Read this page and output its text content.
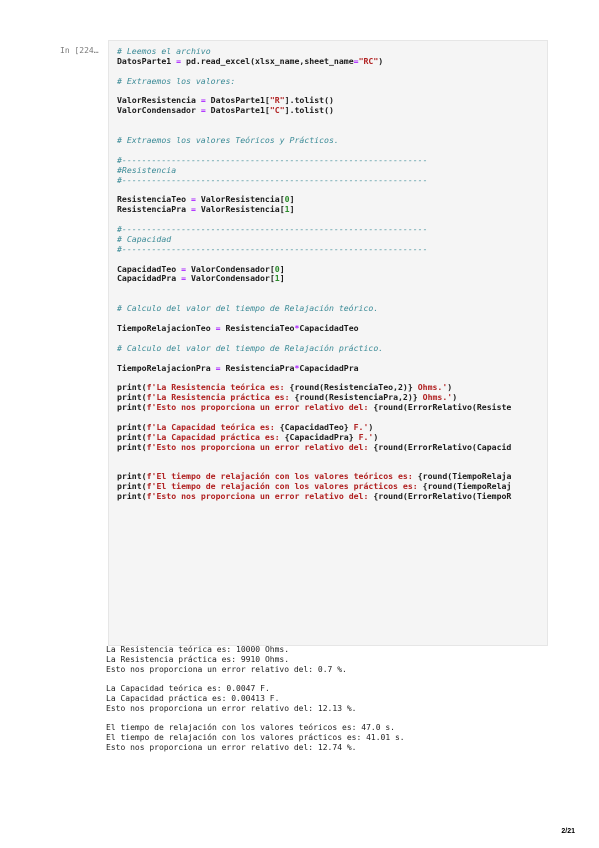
In [224… # Leemos el archivo
DatosParte1 = pd.read_excel(xlsx_name,sheet_name="RC")

# Extraemos los valores:

ValorResistencia = DatosParte1["R"].tolist()
ValorCondensador = DatosParte1["C"].tolist()

# Extraemos los valores Teóricos y Prácticos.

#--------------------------------------------------------------
#Resistencia
#--------------------------------------------------------------

ResistenciaTeo = ValorResistencia[0]
ResistenciaPra = ValorResistencia[1]

#--------------------------------------------------------------
# Capacidad
#--------------------------------------------------------------

CapacidadTeo = ValorCondensador[0]
CapacidadPra = ValorCondensador[1]

# Calculo del valor del tiempo de Relajación teórico.

TiempoRelajacionTeo = ResistenciaTeo*CapacidadTeo

# Calculo del valor del tiempo de Relajación práctico.

TiempoRelajacionPra = ResistenciaPra*CapacidadPra

print(f'La Resistencia teórica es: {round(ResistenciaTeo,2)} Ohms.')
print(f'La Resistencia práctica es: {round(ResistenciaPra,2)} Ohms.')
print(f'Esto nos proporciona un error relativo del: {round(ErrorRelativo(Resiste

print(f'La Capacidad teórica es: {CapacidadTeo} F.')
print(f'La Capacidad práctica es: {CapacidadPra} F.')
print(f'Esto nos proporciona un error relativo del: {round(ErrorRelativo(Capacid

print(f'El tiempo de relajación con los valores teóricos es: {round(TiempoRelaja
print(f'El tiempo de relajación con los valores prácticos es: {round(TiempoRelaj
print(f'Esto nos proporciona un error relativo del: {round(ErrorRelativo(TiempoR
La Resistencia teórica es: 10000 Ohms.
La Resistencia práctica es: 9910 Ohms.
Esto nos proporciona un error relativo del: 0.7 %.

La Capacidad teórica es: 0.0047 F.
La Capacidad práctica es: 0.00413 F.
Esto nos proporciona un error relativo del: 12.13 %.

El tiempo de relajación con los valores teóricos es: 47.0 s.
El tiempo de relajación con los valores prácticos es: 41.01 s.
Esto nos proporciona un error relativo del: 12.74 %.
2/21
